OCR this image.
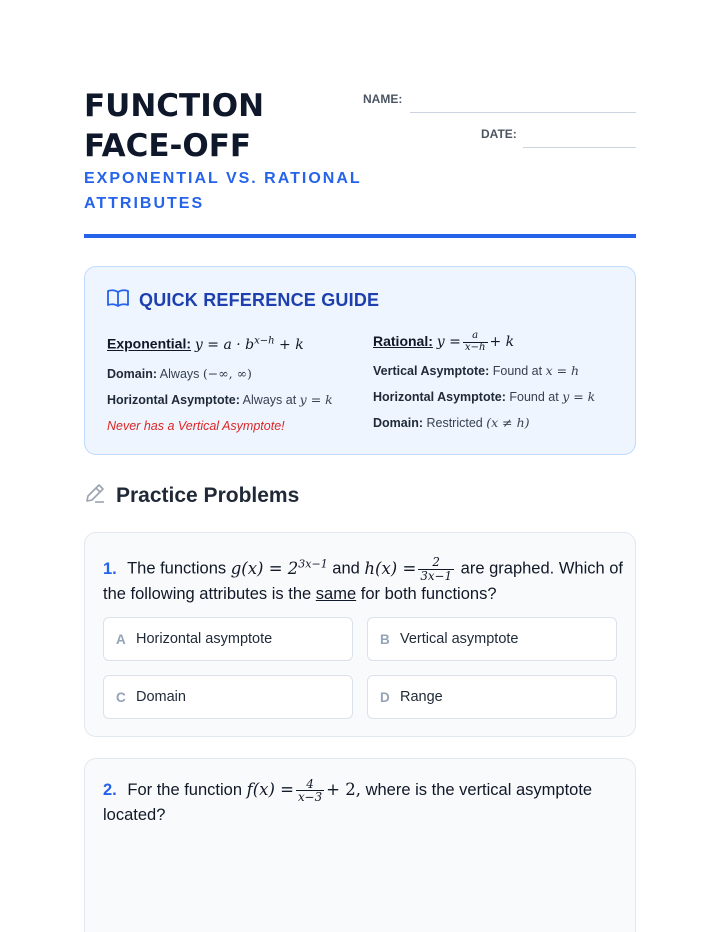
FUNCTION
FACE-OFF
EXPONENTIAL VS. RATIONAL
ATTRIBUTES
NAME:
DATE:
QUICK REFERENCE GUIDE
Exponential: $y = a \cdot b^{x-h} + k$
Domain: Always (−∞, ∞)
Horizontal Asymptote: Always at y = k
Never has a Vertical Asymptote!
Rational: $y = \frac{a}{x-h} + k$
Vertical Asymptote: Found at x = h
Horizontal Asymptote: Found at y = k
Domain: Restricted (x ≠ h)
Practice Problems
1. The functions $g(x) = 2^{3x-1}$ and $h(x) = \frac{2}{3x-1}$ are graphed. Which of the following attributes is the same for both functions?
A Horizontal asymptote	B Vertical asymptote
C Domain	D Range
2. For the function $f(x) = \frac{4}{x-3} + 2$, where is the vertical asymptote located?
